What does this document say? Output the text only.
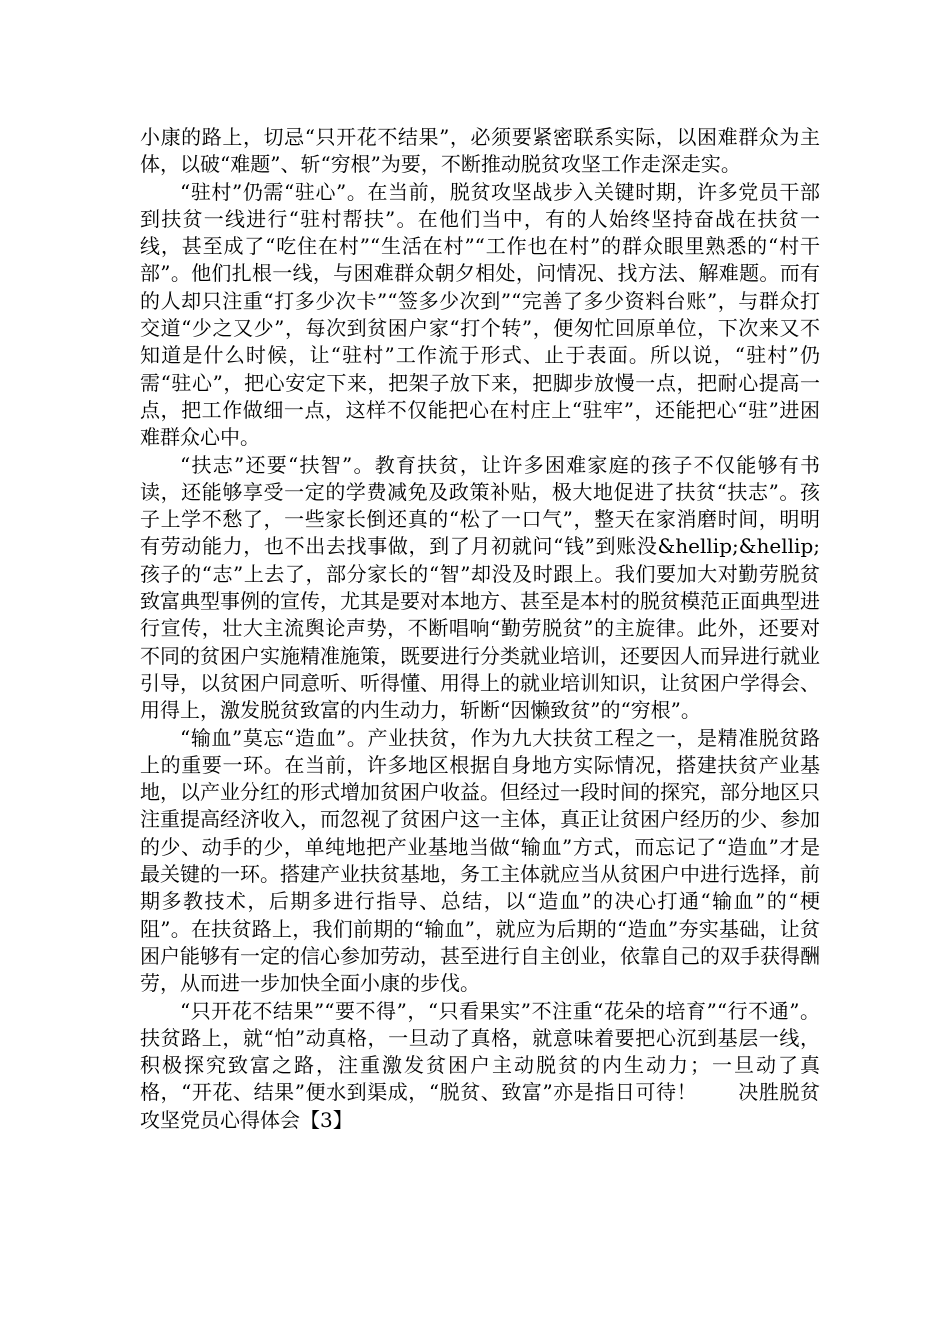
小康的路上，切忌“只开花不结果”，必须要紧密联系实际，以困难群众为主体，以破“难题”、斩“穷根”为要，不断推动脱贫攻坚工作走深走实。

“驻村”仍需“驻心”。在当前，脱贫攻坚战步入关键时期，许多党员干部到扶贫一线进行“驻村帮扶”。在他们当中，有的人始终坚持奋战在扶贫一线，甚至成了“吃住在村”“生活在村”“工作也在村”的群众眼里熟悉的“村干部”。他们扎根一线，与困难群众朝夕相处，问情况、找方法、解难题。而有的人却只注重“打多少次卡”“签多少次到”“完善了多少资料台账”，与群众打交道“少之又少”，每次到贫困户家“打个转”，便匆忙回原单位，下次来又不知道是什么时候，让“驻村”工作流于形式、止于表面。所以说，“驻村”仍需“驻心”，把心安定下来，把架子放下来，把脚步放慢一点，把耐心提高一点，把工作做细一点，这样不仅能把心在村庄上“驻牢”，还能把心“驻”进困难群众心中。

“扶志”还要“扶智”。教育扶贫，让许多困难家庭的孩子不仅能够有书读，还能够享受一定的学费减免及政策补贴，极大地促进了扶贫“扶志”。孩子上学不愁了，一些家长倒还真的“松了一口气”，整天在家消磨时间，明明有劳动能力，也不出去找事做，到了月初就问“钱”到账没&hellip;&hellip;孩子的“志”上去了，部分家长的“智”却没及时跟上。我们要加大对勤劳脱贫致富典型事例的宣传，尤其是要对本地方、甚至是本村的脱贫模范正面典型进行宣传，壮大主流舆论声势，不断唱响“勤劳脱贫”的主旋律。此外，还要对不同的贫困户实施精准施策，既要进行分类就业培训，还要因人而异进行就业引导，以贫困户同意听、听得懂、用得上的就业培训知识，让贫困户学得会、用得上，激发脱贫致富的内生动力，斩断“因懒致贫”的“穷根”。

“输血”莫忘“造血”。产业扶贫，作为九大扶贫工程之一，是精准脱贫路上的重要一环。在当前，许多地区根据自身地方实际情况，搭建扶贫产业基地，以产业分红的形式增加贫困户收益。但经过一段时间的探究，部分地区只注重提高经济收入，而忽视了贫困户这一主体，真正让贫困户经历的少、参加的少、动手的少，单纯地把产业基地当做“输血”方式，而忘记了“造血”才是最关键的一环。搭建产业扶贫基地，务工主体就应当从贫困户中进行选择，前期多教技术，后期多进行指导、总结，以“造血”的决心打通“输血”的“梗阻”。在扶贫路上，我们前期的“输血”，就应为后期的“造血”夯实基础，让贫困户能够有一定的信心参加劳动，甚至进行自主创业，依靠自己的双手获得酬劳，从而进一步加快全面小康的步伐。

“只开花不结果”“要不得”，“只看果实”不注重“花朵的培育”“行不通”。扶贫路上，就“怕”动真格，一旦动了真格，就意味着要把心沉到基层一线，积极探究致富之路，注重激发贫困户主动脱贫的内生动力；一旦动了真格，“开花、结果”便水到渠成，“脱贫、致富”亦是指日可待！　　决胜脱贫攻坚党员心得体会【3】
